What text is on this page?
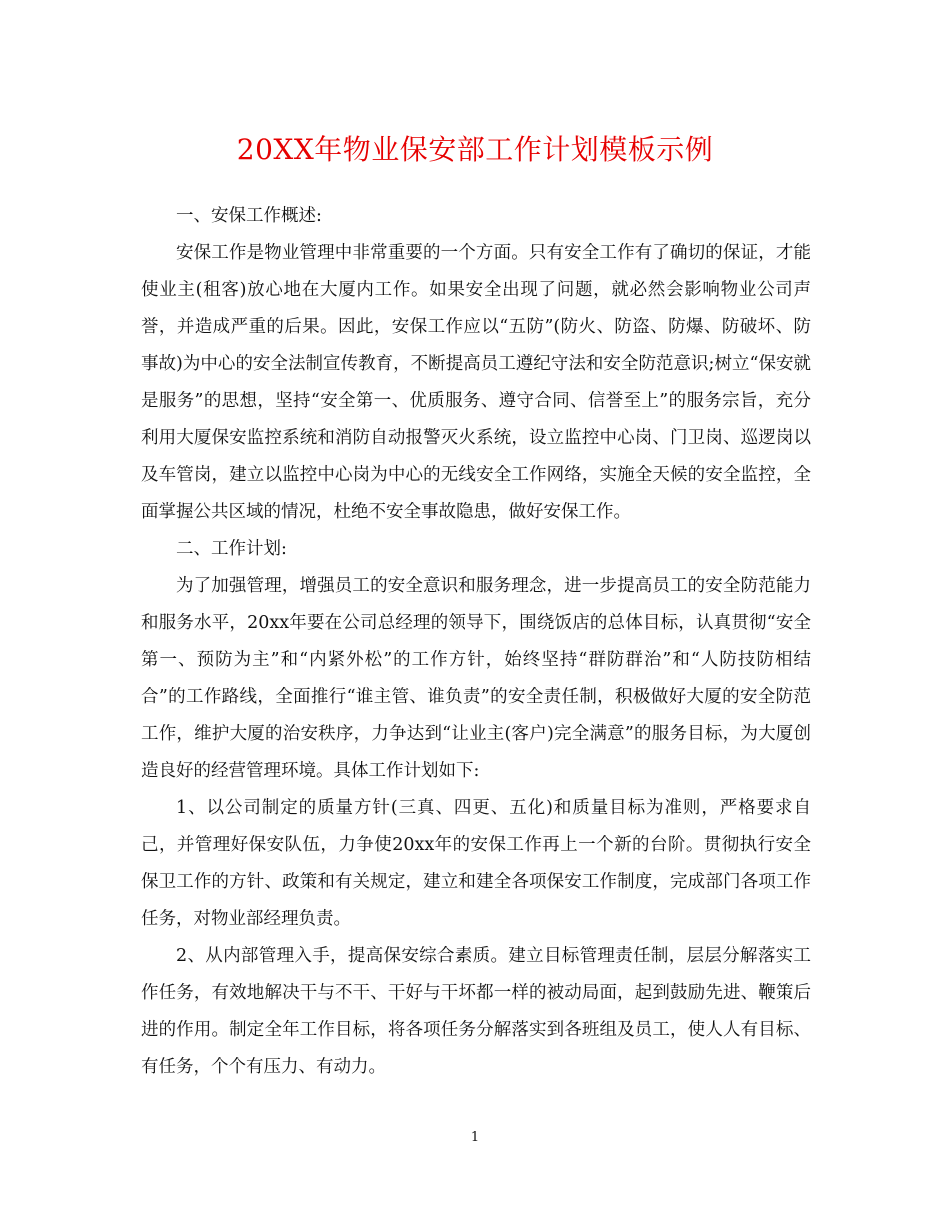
20XX年物业保安部工作计划模板示例

一、安保工作概述:

安保工作是物业管理中非常重要的一个方面。只有安全工作有了确切的保证，才能使业主(租客)放心地在大厦内工作。如果安全出现了问题，就必然会影响物业公司声誉，并造成严重的后果。因此，安保工作应以“五防”(防火、防盗、防爆、防破坏、防事故)为中心的安全法制宣传教育，不断提高员工遵纪守法和安全防范意识;树立“保安就是服务”的思想，坚持“安全第一、优质服务、遵守合同、信誉至上”的服务宗旨，充分利用大厦保安监控系统和消防自动报警灭火系统，设立监控中心岗、门卫岗、巡逻岗以及车管岗，建立以监控中心岗为中心的无线安全工作网络，实施全天候的安全监控，全面掌握公共区域的情况，杜绝不安全事故隐患，做好安保工作。

二、工作计划:

为了加强管理，增强员工的安全意识和服务理念，进一步提高员工的安全防范能力和服务水平，20xx年要在公司总经理的领导下，围绕饭店的总体目标，认真贯彻“安全第一、预防为主”和“内紧外松”的工作方针，始终坚持“群防群治”和“人防技防相结合”的工作路线，全面推行“谁主管、谁负责”的安全责任制，积极做好大厦的安全防范工作，维护大厦的治安秩序，力争达到“让业主(客户)完全满意”的服务目标，为大厦创造良好的经营管理环境。具体工作计划如下:

1、以公司制定的质量方针(三真、四更、五化)和质量目标为准则，严格要求自己，并管理好保安队伍，力争使20xx年的安保工作再上一个新的台阶。贯彻执行安全保卫工作的方针、政策和有关规定，建立和建全各项保安工作制度，完成部门各项工作任务，对物业部经理负责。

2、从内部管理入手，提高保安综合素质。建立目标管理责任制，层层分解落实工作任务，有效地解决干与不干、干好与干坏都一样的被动局面，起到鼓励先进、鞭策后进的作用。制定全年工作目标，将各项任务分解落实到各班组及员工，使人人有目标、有任务，个个有压力、有动力。

1
